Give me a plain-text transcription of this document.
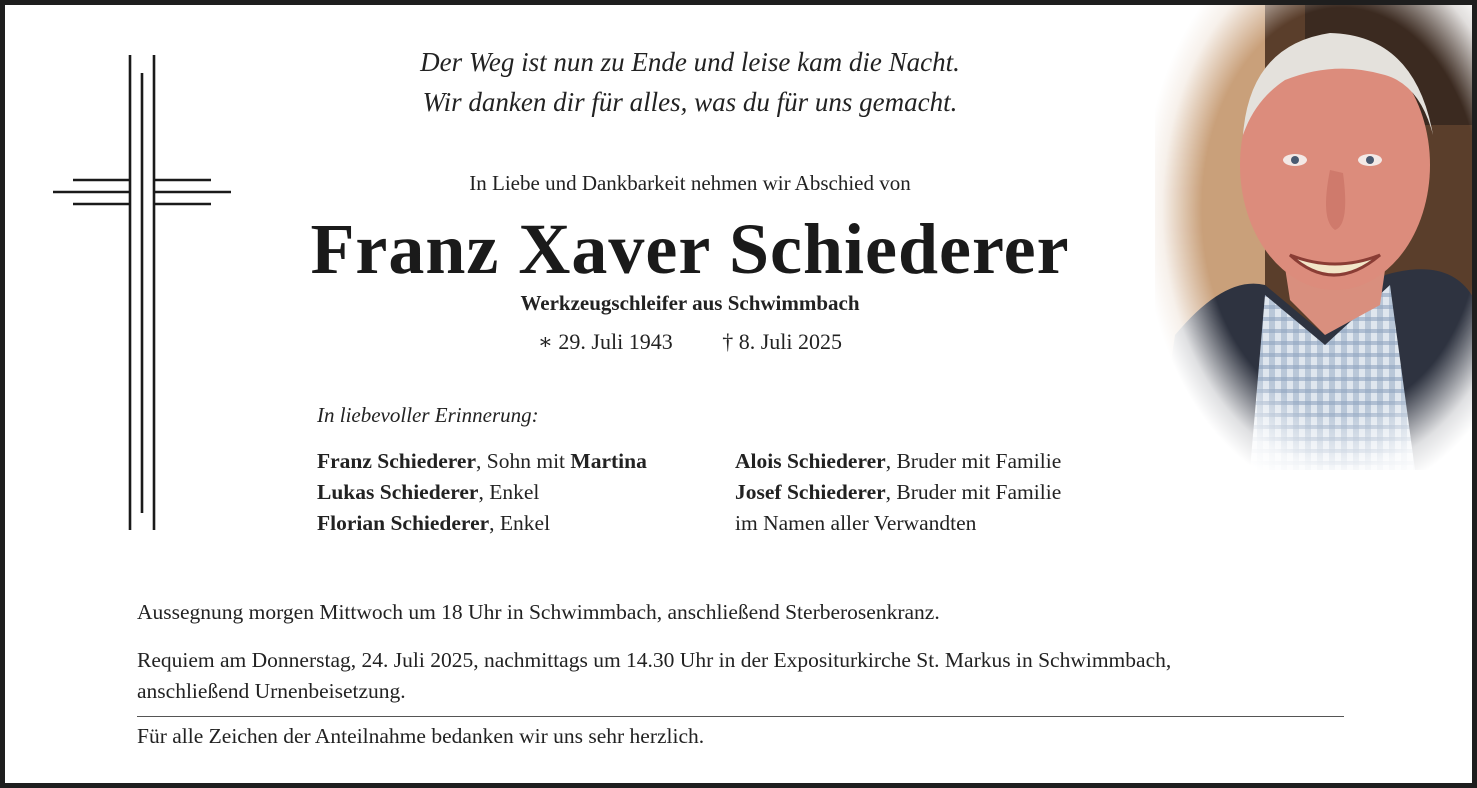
Der Weg ist nun zu Ende und leise kam die Nacht.
Wir danken dir für alles, was du für uns gemacht.
In Liebe und Dankbarkeit nehmen wir Abschied von
Franz Xaver Schiederer
Werkzeugschleifer aus Schwimmbach
∗ 29. Juli 1943 † 8. Juli 2025
In liebevoller Erinnerung:
Franz Schiederer, Sohn mit Martina
Lukas Schiederer, Enkel
Florian Schiederer, Enkel
Alois Schiederer, Bruder mit Familie
Josef Schiederer, Bruder mit Familie
im Namen aller Verwandten
Aussegnung morgen Mittwoch um 18 Uhr in Schwimmbach, anschließend Sterberosenkranz.
Requiem am Donnerstag, 24. Juli 2025, nachmittags um 14.30 Uhr in der Expositurkirche St. Markus in Schwimmbach,
anschließend Urnenbeisetzung.
Für alle Zeichen der Anteilnahme bedanken wir uns sehr herzlich.
